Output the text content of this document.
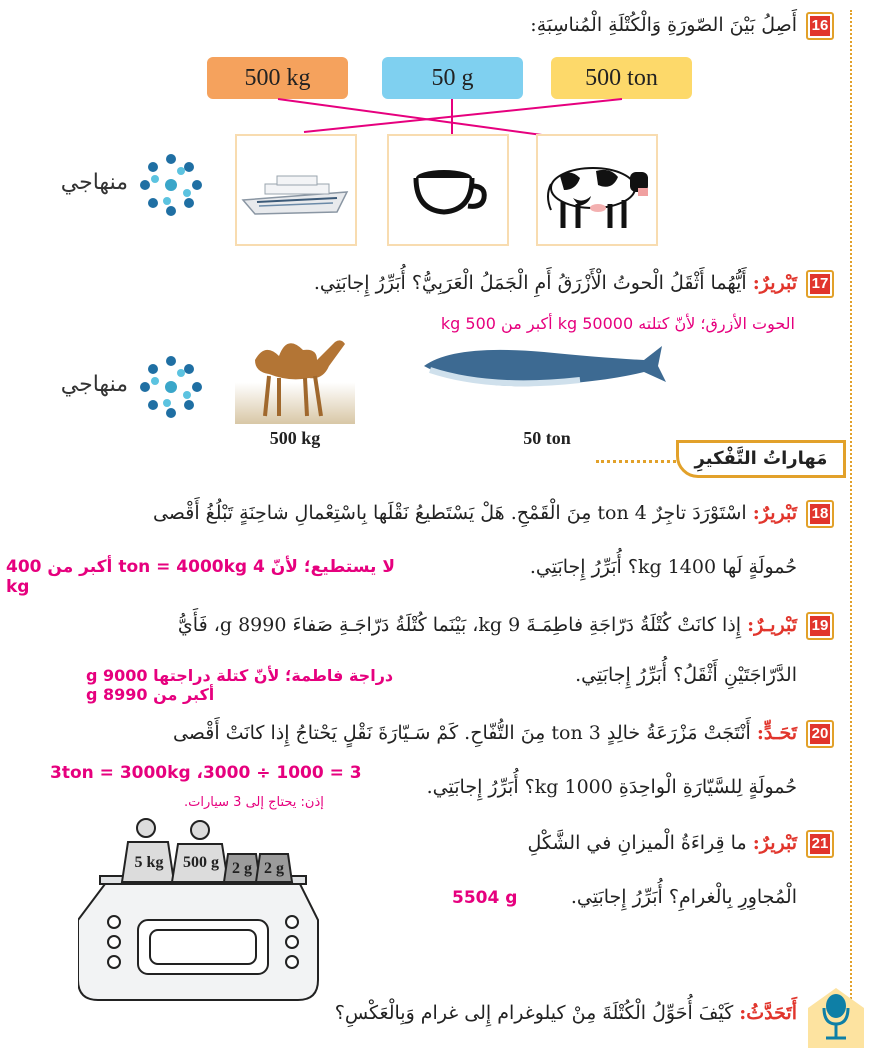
16
أَصِلُ بَيْنَ الصّورَةِ وَالْكُتْلَةِ الْمُناسِبَةِ:
500 ton
50 g
500 kg
منهاجي
17
تَبْريرٌ: أَيُّهُما أَثْقَلُ الْحوتُ الْأَزْرَقُ أَمِ الْجَمَلُ الْعَرَبِيُّ؟ أُبَرِّرُ إِجابَتِي.
الحوت الأزرق؛ لأنّ كتلته 50000 kg أكبر من 500 kg
500 kg	50 ton
منهاجي
مَهاراتُ التَّفْكيرِ
18
تَبْريرٌ: اسْتَوْرَدَ تاجِرٌ 4 ton مِنَ الْقَمْحِ. هَلْ يَسْتَطيعُ نَقْلَها بِاسْتِعْمالِ شاحِنَةٍ تَبْلُغُ أَقْصى
حُمولَةٍ لَها 1400 kg؟ أُبَرِّرُ إِجابَتِي.
لا يستطيع؛ لأنّ 4 ton = 4000kg أكبر من 400 kg
19
تَبْريـرٌ: إِذا كانَتْ كُتْلَةُ دَرّاجَةِ فاطِمَـةَ 9 kg، بَيْنَما كُتْلَةُ دَرّاجَـةِ صَفاءَ 8990 g، فَأَيُّ
الدَّرّاجَتَيْنِ أَثْقَلُ؟ أُبَرِّرُ إِجابَتِي.
دراجة فاطمة؛ لأنّ كتلة دراجتها 9000 g أكبر من 8990 g
20
تَحَـدٍّ: أَنْتَجَتْ مَزْرَعَةُ خالِدٍ 3 ton مِنَ التُّفّاحِ. كَمْ سَـيّارَةَ نَقْلٍ يَحْتاجُ إِذا كانَتْ أَقْصى
3ton = 3000kg ،3000 ÷ 1000 = 3
حُمولَةٍ لِلسَّيّارَةِ الْواحِدَةِ 1000 kg؟ أُبَرِّرُ إِجابَتِي.
إذن: يحتاج إلى 3 سيارات.
21
تَبْريرٌ: ما قِراءَةُ الْميزانِ في الشَّكْلِ
الْمُجاوِرِ بِالْغرامِ؟ أُبَرِّرُ إِجابَتِي.
5504 g
5 kg	500 g 2 g 2 g
أَتَحَدَّثُ: كَيْفَ أُحَوِّلُ الْكُتْلَةَ مِنْ كيلوغرام إِلى غرام وَبِالْعَكْسِ؟
